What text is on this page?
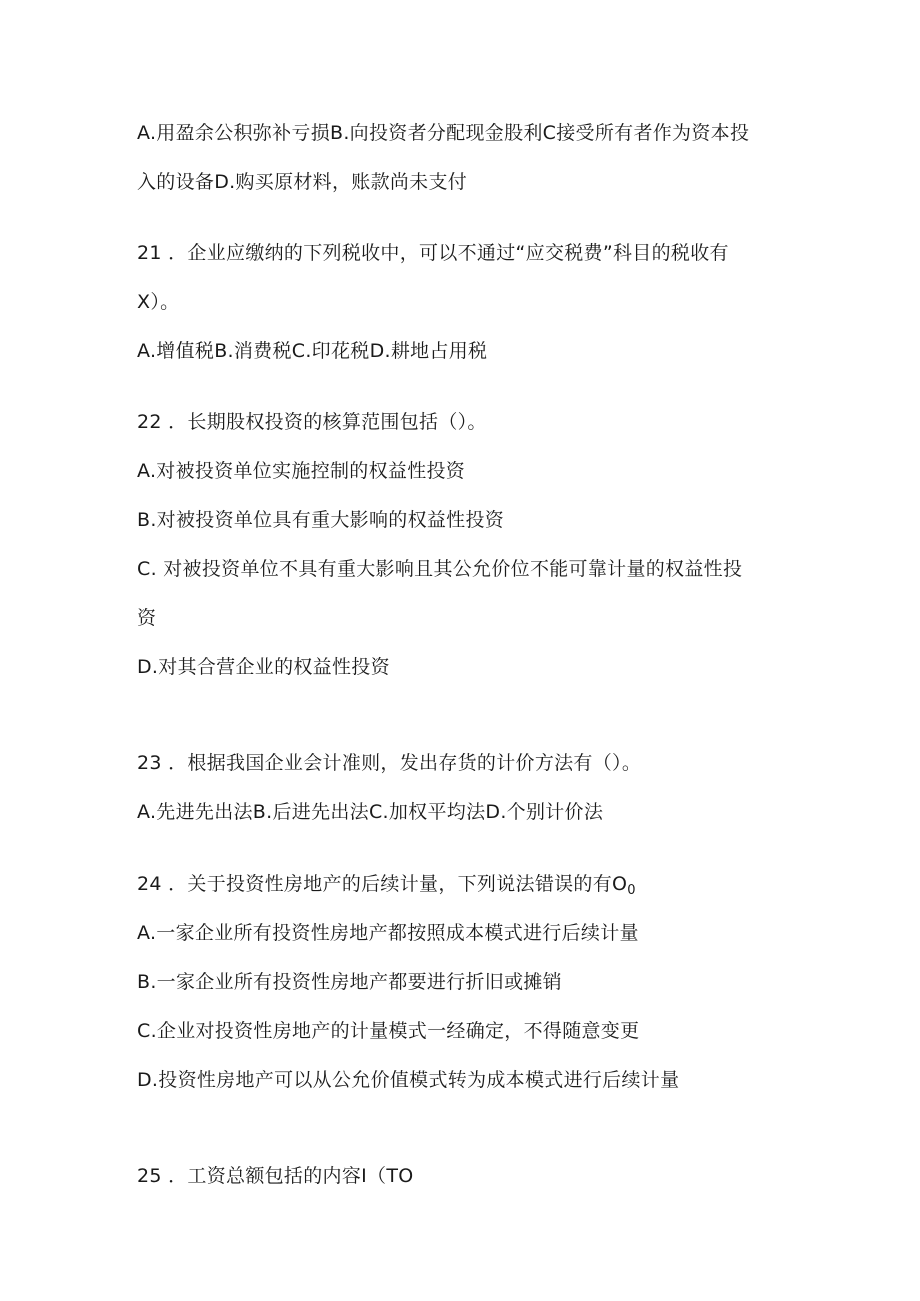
A.用盈余公积弥补亏损B.向投资者分配现金股利C接受所有者作为资本投
入的设备D.购买原材料，账款尚未支付
21 ．企业应缴纳的下列税收中，可以不通过“应交税费”科目的税收有
X）。
A.增值税B.消费税C.印花税D.耕地占用税
22 ．长期股权投资的核算范围包括（）。
A.对被投资单位实施控制的权益性投资
B.对被投资单位具有重大影响的权益性投资
C. 对被投资单位不具有重大影响且其公允价位不能可靠计量的权益性投
资
D.对其合营企业的权益性投资
23 ．根据我国企业会计准则，发出存货的计价方法有（）。
A.先进先出法B.后进先出法C.加权平均法D.个别计价法
24 ．关于投资性房地产的后续计量，下列说法错误的有$O_0$
A.一家企业所有投资性房地产都按照成本模式进行后续计量
B.一家企业所有投资性房地产都要进行折旧或摊销
C.企业对投资性房地产的计量模式一经确定，不得随意变更
D.投资性房地产可以从公允价值模式转为成本模式进行后续计量
25 ．工资总额包括的内容I（TO
